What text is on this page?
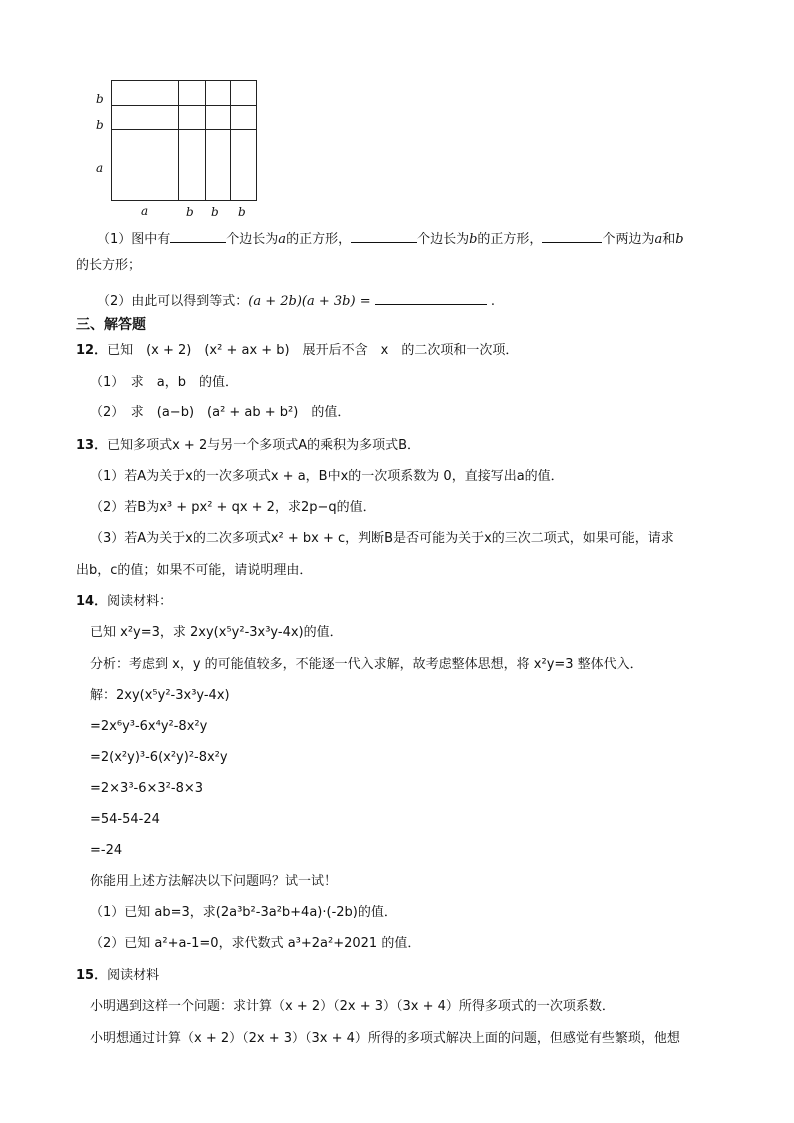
b
b
a
a	b b b
（1）图中有	个边长为a的正方形，	个边长为b的正方形，	个两边为a和b
的长方形；
（2）由此可以得到等式：(a + 2b)(a + 3b) =	.
三、解答题
12．已知　(x + 2)　(x² + ax + b)　展开后不含　x　的二次项和一次项．
（1）　求　a，b　的值．
（2）　求　(a−b)　(a² + ab + b²)　的值．
13．已知多项式x + 2与另一个多项式A的乘积为多项式B．
（1）若A为关于x的一次多项式x + a，B中x的一次项系数为 0，直接写出a的值．
（2）若B为x³ + px² + qx + 2，求2p−q的值．
（3）若A为关于x的二次多项式x² + bx + c，判断B是否可能为关于x的三次二项式，如果可能，请求
出b，c的值；如果不可能，请说明理由．
14．阅读材料：
已知 x²y=3，求 2xy(x⁵y²-3x³y-4x)的值．
分析：考虑到 x，y 的可能值较多，不能逐一代入求解，故考虑整体思想，将 x²y=3 整体代入．
解：2xy(x⁵y²-3x³y-4x)
=2x⁶y³-6x⁴y²-8x²y
=2(x²y)³-6(x²y)²-8x²y
=2×3³-6×3²-8×3
=54-54-24
=-24
你能用上述方法解决以下问题吗？试一试！
（1）已知 ab=3，求(2a³b²-3a²b+4a)·(-2b)的值．
（2）已知 a²+a-1=0，求代数式 a³+2a²+2021 的值．
15．阅读材料
小明遇到这样一个问题：求计算（x + 2）（2x + 3）（3x + 4）所得多项式的一次项系数．
小明想通过计算（x + 2）（2x + 3）（3x + 4）所得的多项式解决上面的问题，但感觉有些繁琐，他想
